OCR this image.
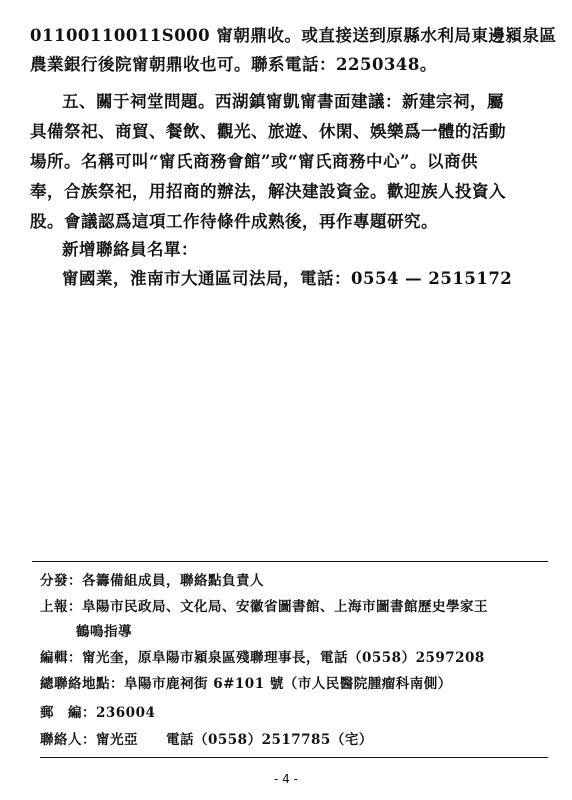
01100110011S000 甯朝鼎收。或直接送到原縣水利局東邊潁泉區
農業銀行後院甯朝鼎收也可。聯系電話：2250348。
五、關于祠堂問題。西湖鎮甯凱甯書面建議：新建宗祠，屬
具備祭祀、商貿、餐飲、觀光、旅遊、休閑、娛樂爲一體的活動
場所。名稱可叫“甯氏商務會館”或“甯氏商務中心”。以商供
奉，合族祭祀，用招商的辦法，解決建設資金。歡迎族人投資入
股。會議認爲這項工作待條件成熟後，再作專題研究。
新增聯絡員名單：
甯國業，淮南市大通區司法局，電話：0554 — 2515172
分發：各籌備組成員，聯絡點負責人
上報：阜陽市民政局、文化局、安徽省圖書館、上海市圖書館歷史學家王
鶴鳴指導
編輯：甯光奎，原阜陽市潁泉區殘聯理事長，電話（0558）2597208
總聯絡地點：阜陽市鹿祠街 6#101 號（市人民醫院腫瘤科南側）
郵　編：236004
聯絡人：甯光亞　　電話（0558）2517785（宅）
- 4 -
